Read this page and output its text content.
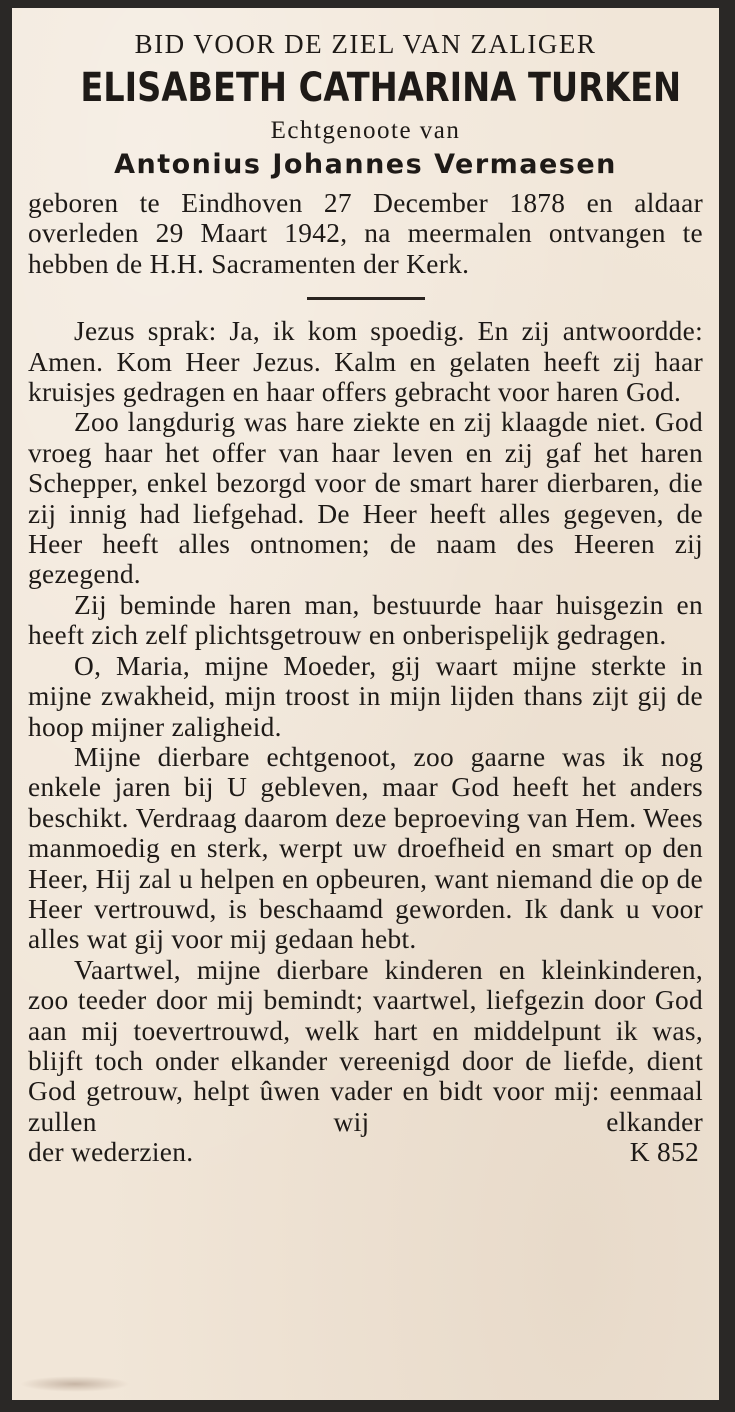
BID VOOR DE ZIEL VAN ZALIGER
ELISABETH CATHARINA TURKEN
Echtgenoote van
Antonius Johannes Vermaesen

geboren te Eindhoven 27 December 1878 en aldaar overleden 29 Maart 1942, na meermalen ontvangen te hebben de H.H. Sacramenten der Kerk.

Jezus sprak: Ja, ik kom spoedig. En zij antwoordde: Amen. Kom Heer Jezus. Kalm en gelaten heeft zij haar kruisjes gedragen en haar offers gebracht voor haren God.

Zoo langdurig was hare ziekte en zij klaagde niet. God vroeg haar het offer van haar leven en zij gaf het haren Schepper, enkel bezorgd voor de smart harer dierbaren, die zij innig had liefgehad. De Heer heeft alles gegeven, de Heer heeft alles ontnomen; de naam des Heeren zij gezegend.

Zij beminde haren man, bestuurde haar huisgezin en heeft zich zelf plichtsgetrouw en onberispelijk gedragen.

O, Maria, mijne Moeder, gij waart mijne sterkte in mijne zwakheid, mijn troost in mijn lijden thans zijt gij de hoop mijner zaligheid.

Mijne dierbare echtgenoot, zoo gaarne was ik nog enkele jaren bij U gebleven, maar God heeft het anders beschikt. Verdraag daarom deze beproeving van Hem. Wees manmoedig en sterk, werpt uw droefheid en smart op den Heer, Hij zal u helpen en opbeuren, want niemand die op de Heer vertrouwd, is beschaamd geworden. Ik dank u voor alles wat gij voor mij gedaan hebt.

Vaartwel, mijne dierbare kinderen en kleinkinderen, zoo teeder door mij bemindt; vaartwel, liefgezin door God aan mij toevertrouwd, welk hart en middelpunt ik was, blijft toch onder elkander vereenigd door de liefde, dient God getrouw, helpt ûwen vader en bidt voor mij: eenmaal zullen wij elkander

der wederzien.	K 852
